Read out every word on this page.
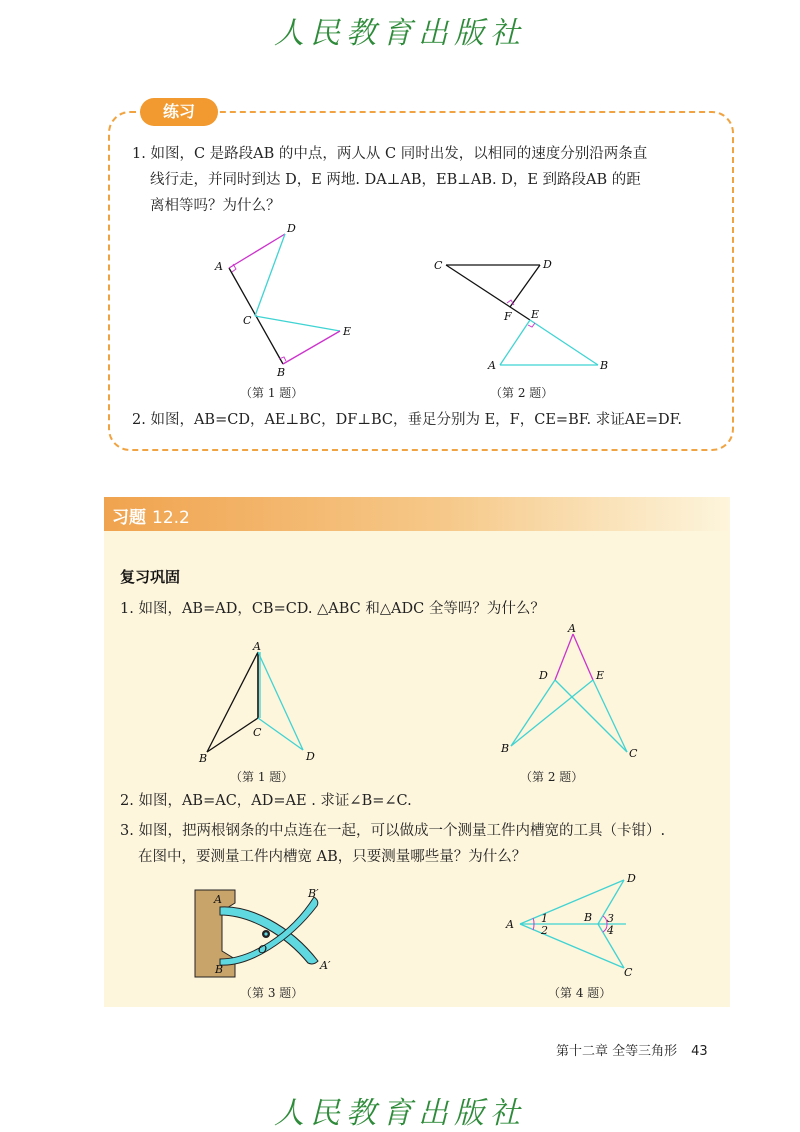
人民教育出版社
练习
1. 如图，C 是路段AB 的中点，两人从 C 同时出发，以相同的速度分别沿两条直
线行走，并同时到达 D，E 两地. DA⊥AB，EB⊥AB. D，E 到路段AB 的距
离相等吗？为什么？
A
D
C
E
B
（第 1 题）
C	D
F E
A	B
（第 2 题）
2. 如图，AB=CD，AE⊥BC，DF⊥BC，垂足分别为 E，F，CE=BF. 求证AE=DF.
习题 12.2
复习巩固
1. 如图，AB=AD，CB=CD. △ABC 和△ADC 全等吗？为什么？
A
C
B	D
（第 1 题）
A
D	E
B	C
（第 2 题）
2. 如图，AB=AC，AD=AE . 求证∠B=∠C.
3. 如图，把两根钢条的中点连在一起，可以做成一个测量工件内槽宽的工具（卡钳）.
在图中，要测量工件内槽宽 AB，只要测量哪些量？为什么？
A
B
B′
O
A′
（第 3 题）
A 1
2
B 3
4
D
C
（第 4 题）
第十二章 全等三角形 43
人民教育出版社
